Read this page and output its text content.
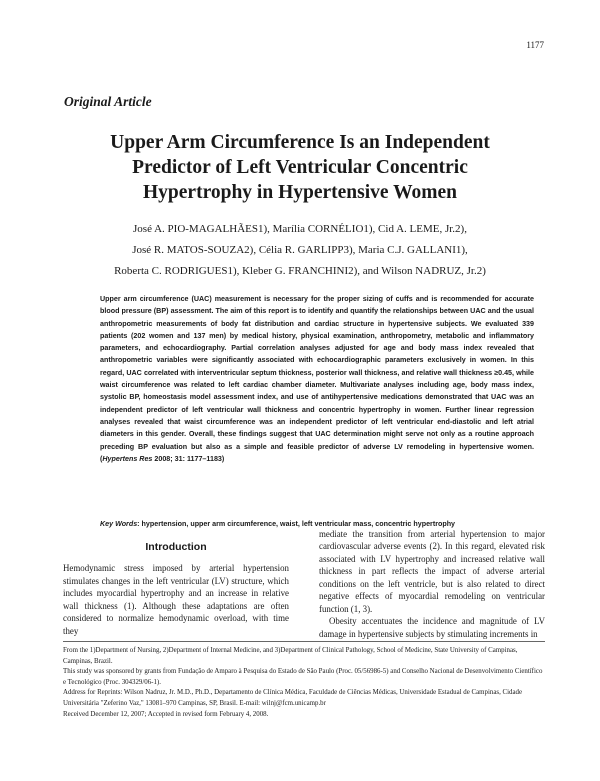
1177
Original Article
Upper Arm Circumference Is an Independent
Predictor of Left Ventricular Concentric
Hypertrophy in Hypertensive Women

José A. PIO-MAGALHÃES1), Marília CORNÉLIO1), Cid A. LEME, Jr.2),

José R. MATOS-SOUZA2), Célia R. GARLIPP3), Maria C.J. GALLANI1),

Roberta C. RODRIGUES1), Kleber G. FRANCHINI2), and Wilson NADRUZ, Jr.2)

Upper arm circumference (UAC) measurement is necessary for the proper sizing of cuffs and is recommended for accurate blood pressure (BP) assessment. The aim of this report is to identify and quantify the relationships between UAC and the usual anthropometric measurements of body fat distribution and cardiac structure in hypertensive subjects. We evaluated 339 patients (202 women and 137 men) by medical history, physical examination, anthropometry, metabolic and inflammatory parameters, and echocardiography. Partial correlation analyses adjusted for age and body mass index revealed that anthropometric variables were significantly associated with echocardiographic parameters exclusively in women. In this regard, UAC correlated with interventricular septum thickness, posterior wall thickness, and relative wall thickness ≥0.45, while waist circumference was related to left cardiac chamber diameter. Multivariate analyses including age, body mass index, systolic BP, homeostasis model assessment index, and use of antihypertensive medications demonstrated that UAC was an independent predictor of left ventricular wall thickness and concentric hypertrophy in women. Further linear regression analyses revealed that waist circumference was an independent predictor of left ventricular end-diastolic and left atrial diameters in this gender. Overall, these findings suggest that UAC determination might serve not only as a routine approach preceding BP evaluation but also as a simple and feasible predictor of adverse LV remodeling in hypertensive women. (Hypertens Res 2008; 31: 1177–1183)

Key Words: hypertension, upper arm circumference, waist, left ventricular mass, concentric hypertrophy

Introduction

Hemodynamic stress imposed by arterial hypertension stimulates changes in the left ventricular (LV) structure, which includes myocardial hypertrophy and an increase in relative wall thickness (1). Although these adaptations are often considered to normalize hemodynamic overload, with time they

mediate the transition from arterial hypertension to major cardiovascular adverse events (2). In this regard, elevated risk associated with LV hypertrophy and increased relative wall thickness in part reflects the impact of adverse arterial conditions on the left ventricle, but is also related to direct negative effects of myocardial remodeling on ventricular function (1, 3).

Obesity accentuates the incidence and magnitude of LV damage in hypertensive subjects by stimulating increments in

From the 1)Department of Nursing, 2)Department of Internal Medicine, and 3)Department of Clinical Pathology, School of Medicine, State University of Campinas, Campinas, Brazil.

This study was sponsored by grants from Fundação de Amparo à Pesquisa do Estado de São Paulo (Proc. 05/56986-5) and Conselho Nacional de Desenvolvimento Científico e Tecnológico (Proc. 304329/06-1).

Address for Reprints: Wilson Nadruz, Jr. M.D., Ph.D., Departamento de Clínica Médica, Faculdade de Ciências Médicas, Universidade Estadual de Campinas, Cidade Universitária "Zeferino Vaz," 13081–970 Campinas, SP, Brasil. E-mail: wilnj@fcm.unicamp.br

Received December 12, 2007; Accepted in revised form February 4, 2008.
